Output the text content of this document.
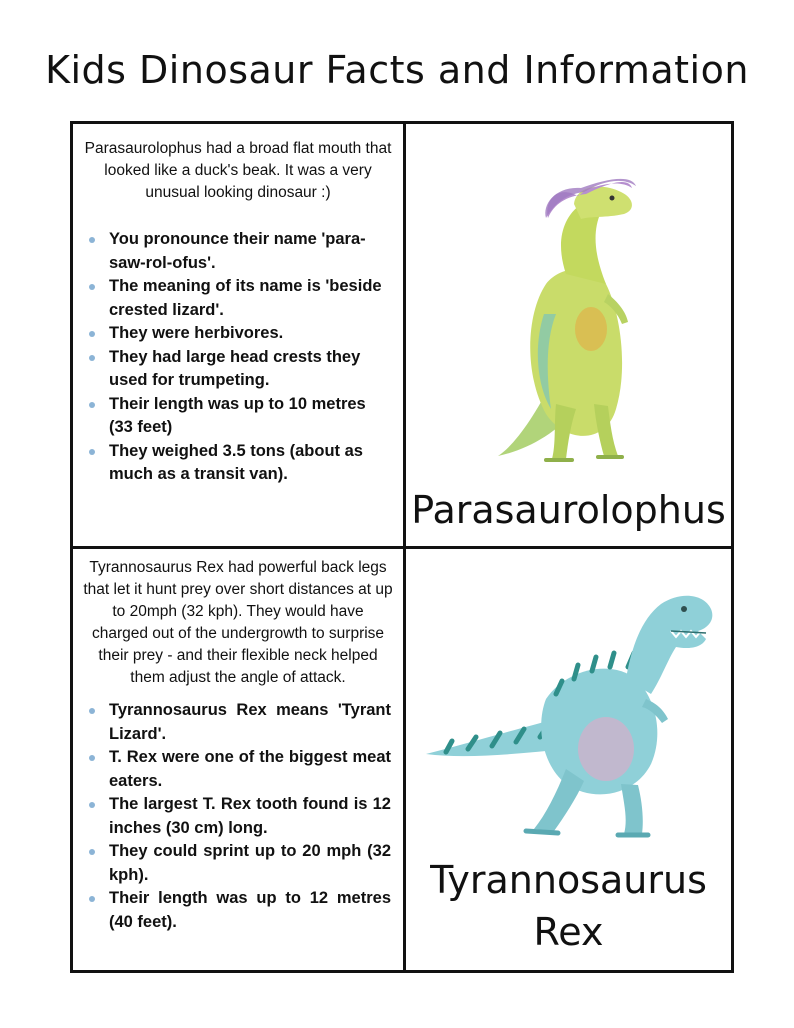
Kids Dinosaur Facts and Information

Parasaurolophus had a broad flat mouth that looked like a duck's beak. It was a very unusual looking dinosaur :)

You pronounce their name 'para-saw-rol-ofus'.
The meaning of its name is 'beside crested lizard'.
They were herbivores.
They had large head crests they used for trumpeting.
Their length was up to 10 metres (33 feet)
They weighed 3.5 tons (about as much as a transit van).
Parasaurolophus

Tyrannosaurus Rex had powerful back legs that let it hunt prey over short distances at up to 20mph (32 kph). They would have charged out of the undergrowth to surprise their prey - and their flexible neck helped them adjust the angle of attack.

Tyrannosaurus Rex means 'Tyrant Lizard'.
T. Rex were one of the biggest meat eaters.
The largest T. Rex tooth found is 12 inches (30 cm) long.
They could sprint up to 20 mph (32 kph).
Their length was up to 12 metres (40 feet).
Tyrannosaurus
Rex
